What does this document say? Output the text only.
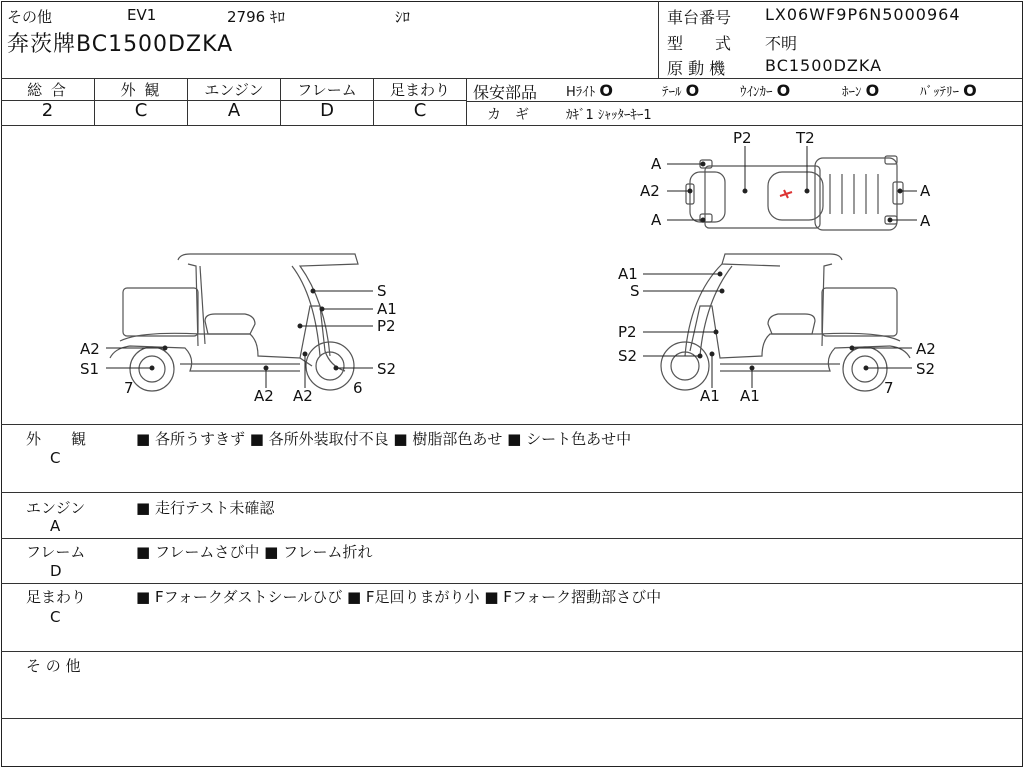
その他	EV1	2796 ｷﾛ	ｼﾛ
奔茨牌BC1500DZKA
車台番号 LX06WF9P6N5000964
型　　式 不明
原 動 機 BC1500DZKA
総 合	外 観	エンジン	フレーム	足まわり
2	C	A	D	C
保安部品 Hﾗｲﾄ O	ﾃｰﾙ O	ｳｲﾝｶｰ O	ﾎｰﾝ O	ﾊﾞｯﾃﾘｰ O
カ　ギ	ｶｷﾞ1 ｼｬｯﾀｰｷｰ1
S
A1
P2
A2
S1
7	A2 A2	6
S2
P2	T2
A
A2
A
A
A
A1
S
P2
S2
A1 A1
A2
S2
7
外　　観
C
■ 各所うすきず ■ 各所外装取付不良 ■ 樹脂部色あせ ■ シート色あせ中
エンジン
A
■ 走行テスト未確認
フレーム
D
■ フレームさび中 ■ フレーム折れ
足まわり
C
■ Fフォークダストシールひび ■ F足回りまがり小 ■ Fフォーク摺動部さび中
そ の 他
